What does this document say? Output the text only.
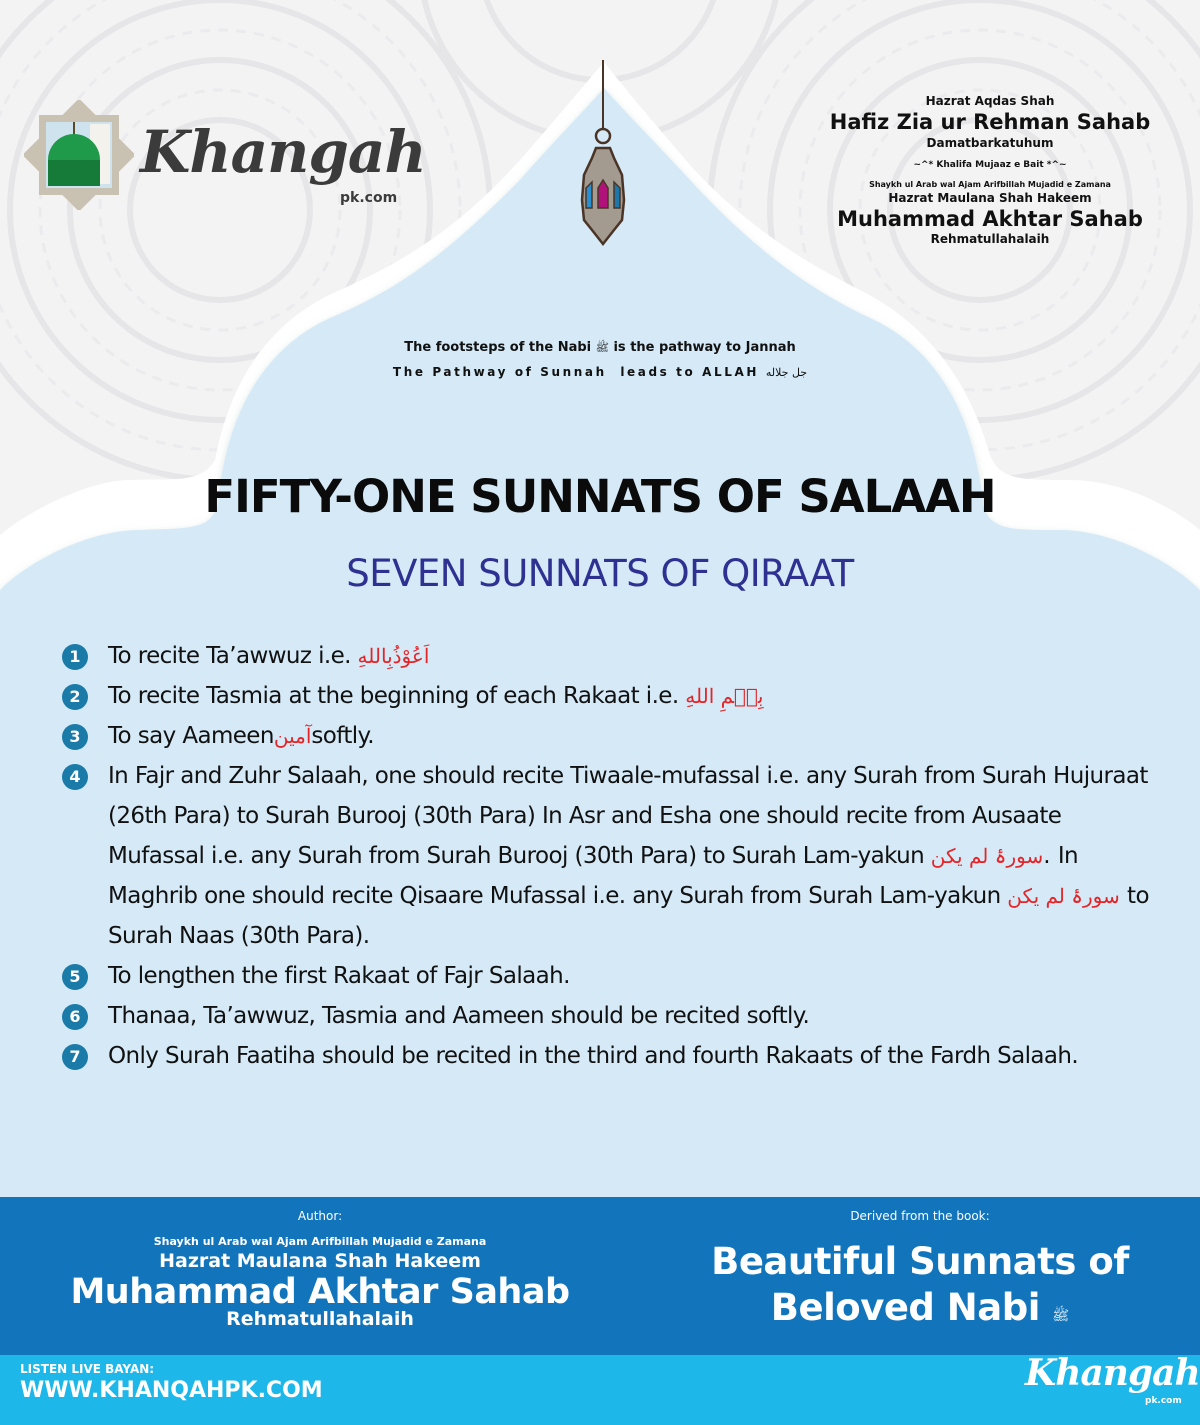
Khangah
pk.com
Hazrat Aqdas Shah
Hafiz Zia ur Rehman Sahab
Damatbarkatuhum
~^* Khalifa Mujaaz e Bait *^~
Shaykh ul Arab wal Ajam Arifbillah Mujadid e Zamana
Hazrat Maulana Shah Hakeem
Muhammad Akhtar Sahab
Rehmatullahalaih
The footsteps of the Nabi ﷺ is the pathway to Jannah
The Pathway of Sunnah  leads to ALLAH جل جلاله
FIFTY-ONE SUNNATS OF SALAAH
SEVEN SUNNATS OF QIRAAT
1	To recite Ta’awwuz i.e. اَعُوْذُبِاللهِ
2	To recite Tasmia at the beginning of each Rakaat i.e. بِسۡمِ اللهِ
3	To say Aameenآمینsoftly.
4	In Fajr and Zuhr Salaah, one should recite Tiwaale-mufassal i.e. any Surah from Surah Hujuraat (26th Para) to Surah Burooj (30th Para) In Asr and Esha one should recite from Ausaate Mufassal i.e. any Surah from Surah Burooj (30th Para) to Surah Lam-yakun سورۂ لم یکن. In Maghrib one should recite Qisaare Mufassal i.e. any Surah from Surah Lam-yakun سورۂ لم یکن to Surah Naas (30th Para).
5	To lengthen the first Rakaat of Fajr Salaah.
6	Thanaa, Ta’awwuz, Tasmia and Aameen should be recited softly.
7	Only Surah Faatiha should be recited in the third and fourth Rakaats of the Fardh Salaah.
Author:
Shaykh ul Arab wal Ajam Arifbillah Mujadid e Zamana
Hazrat Maulana Shah Hakeem
Muhammad Akhtar Sahab
Rehmatullahalaih
Derived from the book:
Beautiful Sunnats of
Beloved Nabi ﷺ
LISTEN LIVE BAYAN:
WWW.KHANQAHPK.COM	Khangah
pk.com
